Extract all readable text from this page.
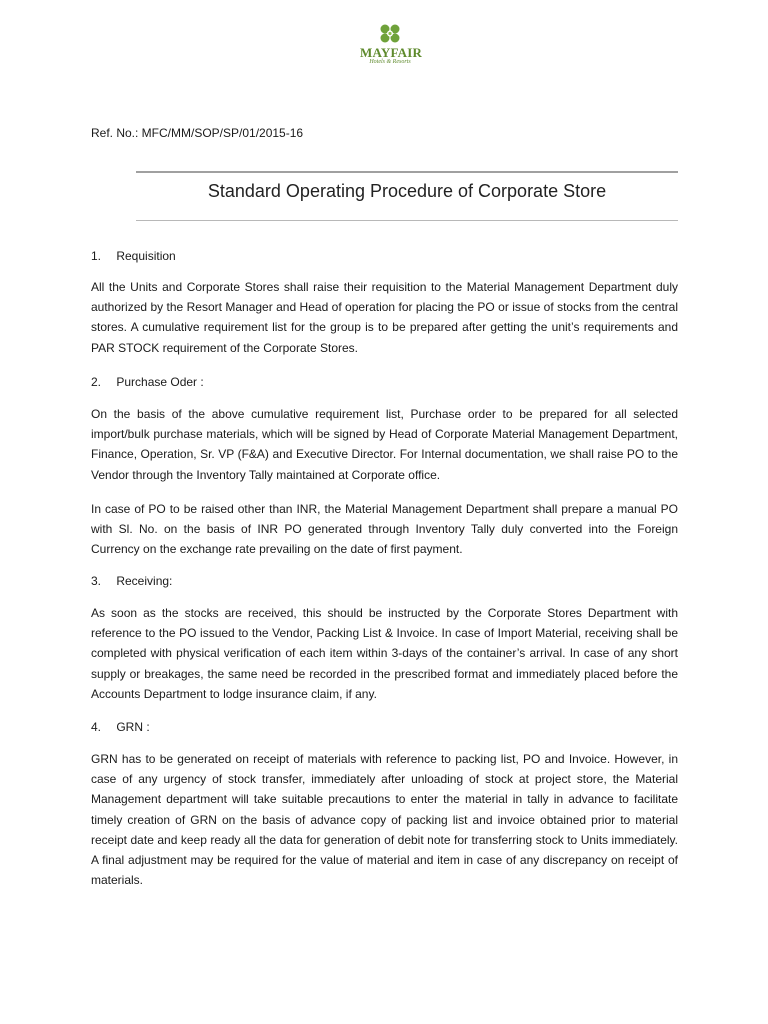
MAYFAIR
Hotels & Resorts
Ref. No.: MFC/MM/SOP/SP/01/2015-16
Standard Operating Procedure of Corporate Store
1. Requisition

All the Units and Corporate Stores shall raise their requisition to the Material Management Department duly authorized by the Resort Manager and Head of operation for placing the PO or issue of stocks from the central stores. A cumulative requirement list for the group is to be prepared after getting the unit’s requirements and PAR STOCK requirement of the Corporate Stores.

2. Purchase Oder :

On the basis of the above cumulative requirement list, Purchase order to be prepared for all selected import/bulk purchase materials, which will be signed by Head of Corporate Material Management Department, Finance, Operation, Sr. VP (F&A) and Executive Director. For Internal documentation, we shall raise PO to the Vendor through the Inventory Tally maintained at Corporate office.

In case of PO to be raised other than INR, the Material Management Department shall prepare a manual PO with Sl. No. on the basis of INR PO generated through Inventory Tally duly converted into the Foreign Currency on the exchange rate prevailing on the date of first payment.

3. Receiving:

As soon as the stocks are received, this should be instructed by the Corporate Stores Department with reference to the PO issued to the Vendor, Packing List & Invoice. In case of Import Material, receiving shall be completed with physical verification of each item within 3-days of the container’s arrival. In case of any short supply or breakages, the same need be recorded in the prescribed format and immediately placed before the Accounts Department to lodge insurance claim, if any.

4. GRN :

GRN has to be generated on receipt of materials with reference to packing list, PO and Invoice. However, in case of any urgency of stock transfer, immediately after unloading of stock at project store, the Material Management department will take suitable precautions to enter the material in tally in advance to facilitate timely creation of GRN on the basis of advance copy of packing list and invoice obtained prior to material receipt date and keep ready all the data for generation of debit note for transferring stock to Units immediately. A final adjustment may be required for the value of material and item in case of any discrepancy on receipt of materials.
